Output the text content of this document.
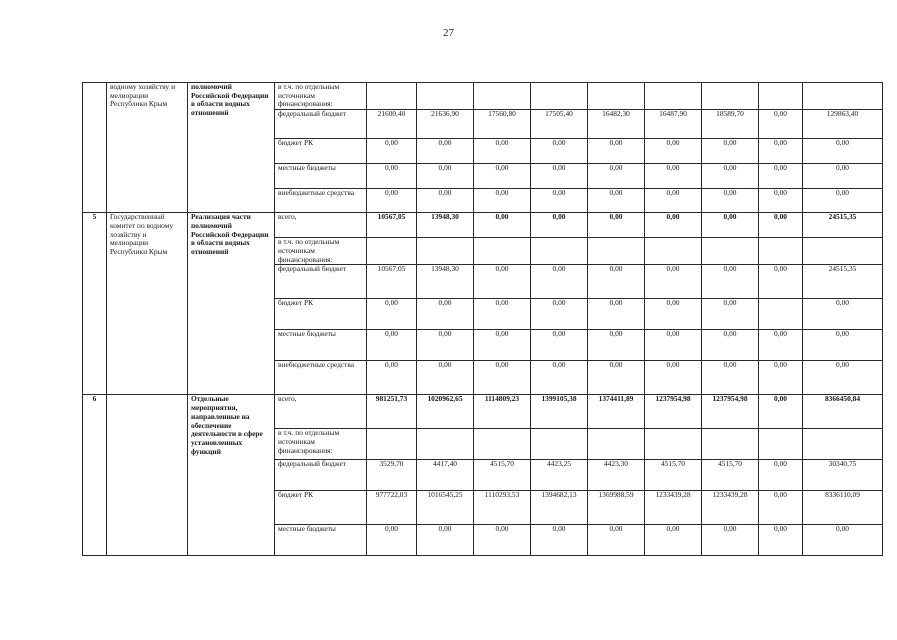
27
	водному хозяйству и мелиорации Республики Крым	полномочий Российской Федерации в области водных отношений	в т.ч. по отдельным источникам финансирования:									
			федеральный бюджет	21600,40	21636,90	17560,80	17505,40	16482,30	16487,90	18589,70	0,00	129863,40
			бюджет РК	0,00	0,00	0,00	0,00	0,00	0,00	0,00	0,00	0,00
			местные бюджеты	0,00	0,00	0,00	0,00	0,00	0,00	0,00	0,00	0,00
			внебюджетные средства	0,00	0,00	0,00	0,00	0,00	0,00	0,00	0,00	0,00
5	Государственный комитет по водному хозяйству и мелиорации Республики Крым	Реализация части полномочий Российской Федерации в области водных отношений	всего,	10567,05	13948,30	0,00	0,00	0,00	0,00	0,00	0,00	24515,35
			в т.ч. по отдельным источникам финансирования:									
			федеральный бюджет	10567,05	13948,30	0,00	0,00	0,00	0,00	0,00	0,00	24515,35
			бюджет РК	0,00	0,00	0,00	0,00	0,00	0,00	0,00		0,00
			местные бюджеты	0,00	0,00	0,00	0,00	0,00	0,00	0,00	0,00	0,00
			внебюджетные средства	0,00	0,00	0,00	0,00	0,00	0,00	0,00	0,00	0,00
6		Отдельные мероприятия, направленные на обеспечение деятельности в сфере установленных функций	всего,	981251,73	1020962,65	1114809,23	1399105,38	1374411,89	1237954,98	1237954,98	0,00	8366450,84
			в т.ч. по отдельным источникам финансирования:									
			федеральный бюджет	3529,70	4417,40	4515,70	4423,25	4423,30	4515,70	4515,70	0,00	30340,75
			бюджет РК	977722,03	1016545,25	1110293,53	1394682,13	1369988,59	1233439,28	1233439,28	0,00	8336110,09
			местные бюджеты	0,00	0,00	0,00	0,00	0,00	0,00	0,00	0,00	0,00
